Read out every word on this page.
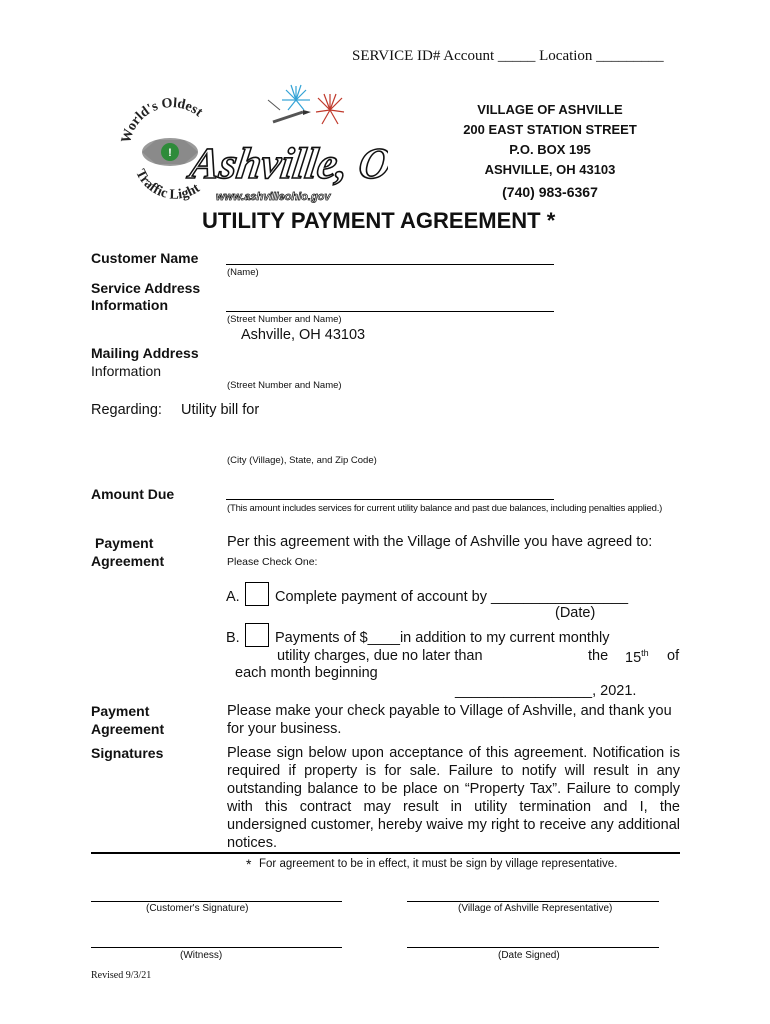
SERVICE ID# Account _____ Location _________
!
World's Oldest
Traffic Light
Ashville, Ohio
www.ashvilleohio.gov
VILLAGE OF ASHVILLE
200 EAST STATION STREET
P.O. BOX 195
ASHVILLE, OH 43103
(740) 983-6367
UTILITY PAYMENT AGREEMENT *
Customer Name
(Name)
Service Address
Information
(Street Number and Name)
Ashville, OH 43103
Mailing Address
Information
(Street Number and Name)
Regarding: Utility bill for
(City (Village), State, and Zip Code)
Amount Due
(This amount includes services for current utility balance and past due balances, including penalties applied.)
Payment
Agreement
Per this agreement with the Village of Ashville you have agreed to:
Please Check One:
A. Complete payment of account by _________________
(Date)
B. Payments of $____in addition to my current monthly
utility charges, due no later than	the 15th of
each month beginning
_________________, 2021.
Payment
Agreement
Please make your check payable to Village of Ashville, and thank you for your business.
Signatures	Please sign below upon acceptance of this agreement. Notification is required if property is for sale. Failure to notify will result in any outstanding balance to be place on “Property Tax”. Failure to comply with this contract may result in utility termination and I, the undersigned customer, hereby waive my right to receive any additional notices.
* For agreement to be in effect, it must be sign by village representative.
(Customer's Signature)	(Village of Ashville Representative)
(Witness)	(Date Signed)
Revised 9/3/21
